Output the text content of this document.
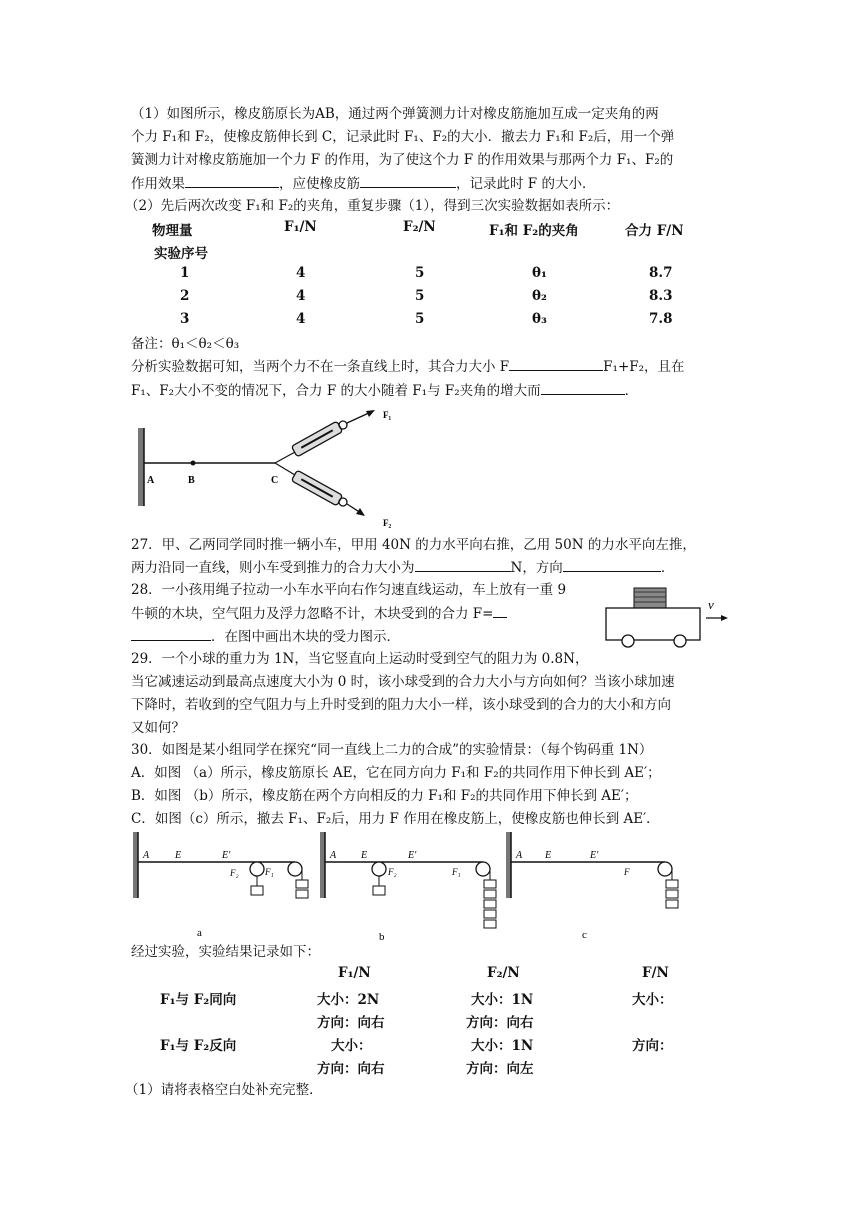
（1）如图所示，橡皮筋原长为AB，通过两个弹簧测力计对橡皮筋施加互成一定夹角的两
个力 F₁和 F₂，使橡皮筋伸长到 C，记录此时 F₁、F₂的大小．撤去力 F₁和 F₂后，用一个弹
簧测力计对橡皮筋施加一个力 F 的作用，为了使这个力 F 的作用效果与那两个力 F₁、F₂的
作用效果	，应使橡皮筋	，记录此时 F 的大小．
（2）先后两次改变 F₁和 F₂的夹角，重复步骤（1），得到三次实验数据如表所示：
物理量
实验序号
F₁/N	F₂/N	F₁和 F₂的夹角	合力 F/N
1	4	5	θ₁	8.7
2	4	5	θ₂	8.3
3	4	5	θ₃	7.8
备注：θ₁＜θ₂＜θ₃
分析实验数据可知，当两个力不在一条直线上时，其合力大小 F	F₁+F₂，且在
F₁、F₂大小不变的情况下，合力 F 的大小随着 F₁与 F₂夹角的增大而	．
A	B	C
F₁
F₂
27．甲、乙两同学同时推一辆小车，甲用 40N 的力水平向右推，乙用 50N 的力水平向左推，
两力沿同一直线，则小车受到推力的合力大小为	N，方向	．
28．一小孩用绳子拉动一小车水平向右作匀速直线运动，车上放有一重 9
牛顿的木块，空气阻力及浮力忽略不计，木块受到的合力 F=
．在图中画出木块的受力图示．
v
29．一个小球的重力为 1N，当它竖直向上运动时受到空气的阻力为 0.8N，
当它减速运动到最高点速度大小为 0 时，该小球受到的合力大小与方向如何？当该小球加速
下降时，若收到的空气阻力与上升时受到的阻力大小一样，该小球受到的合力的大小和方向
又如何？
30．如图是某小组同学在探究“同一直线上二力的合成”的实验情景：（每个钩码重 1N）
A．如图 （a）所示，橡皮筋原长 AE，它在同方向力 F₁和 F₂的共同作用下伸长到 AE′；
B．如图 （b）所示，橡皮筋在两个方向相反的力 F₁和 F₂的共同作用下伸长到 AE′；
C．如图（c）所示，撤去 F₁、F₂后，用力 F 作用在橡皮筋上，使橡皮筋也伸长到 AE′．
A	E	E'
F₂	F₁
a
A E	E'
F₂	F₁
b
A E	E'
F
c
经过实验，实验结果记录如下：
F₁/N	F₂/N	F/N
F₁与 F₂同向	大小：2N	大小：1N	大小：
方向：向右	方向：向右
F₁与 F₂反向	大小：	大小：1N	方向：
方向：向右	方向：向左
（1）请将表格空白处补充完整．
